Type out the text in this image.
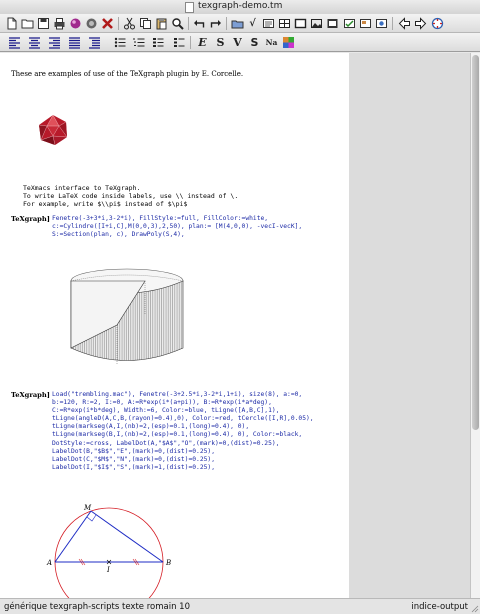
texgraph-demo.tm
√
E S V S Na
These are examples of use of the TeXgraph plugin by E. Corcelle.
TeXmacs interface to TeXgraph.
To write LaTeX code inside labels, use \\ instead of \.
For example, write $\\pi$ instead of $\pi$
TeXgraph] Fenetre(-3+3*i,3-2*i), FillStyle:=full, FillColor:=white,
c:=Cylindre([I+i,C],M(0,0,3),2,50), plan:= [M(4,0,0), -vecI-vecK],
S:=Section(plan, c), DrawPoly(S,4),
TeXgraph] Load("trembling.mac"), Fenetre(-3+2.5*i,3-2*i,1+i), size(8), a:=0,
b:=120, R:=2, I:=0, A:=R*exp(i*(a+pi)), B:=R*exp(i*a*deg),
C:=R*exp(i*b*deg), Width:=6, Color:=blue, tLigne([A,B,C],1),
tLigne(angleD(A,C,B,(rayon)=0.4),0), Color:=red, tCercle([I,R],0.05),
tLigne(markseg(A,I,(nb)=2,(esp)=0.1,(long)=0.4), 0),
tLigne(markseg(B,I,(nb)=2,(esp)=0.1,(long)=0.4), 0), Color:=black,
DotStyle:=cross, LabelDot(A,"$A$","O",(mark)=0,(dist)=0.25),
LabelDot(B,"$B$","E",(mark)=0,(dist)=0.25),
LabelDot(C,"$M$","N",(mark)=0,(dist)=0.25),
LabelDot(I,"$I$","S",(mark)=1,(dist)=0.25),
A	B
M
I
générique texgraph-scripts texte romain 10	indice-output
